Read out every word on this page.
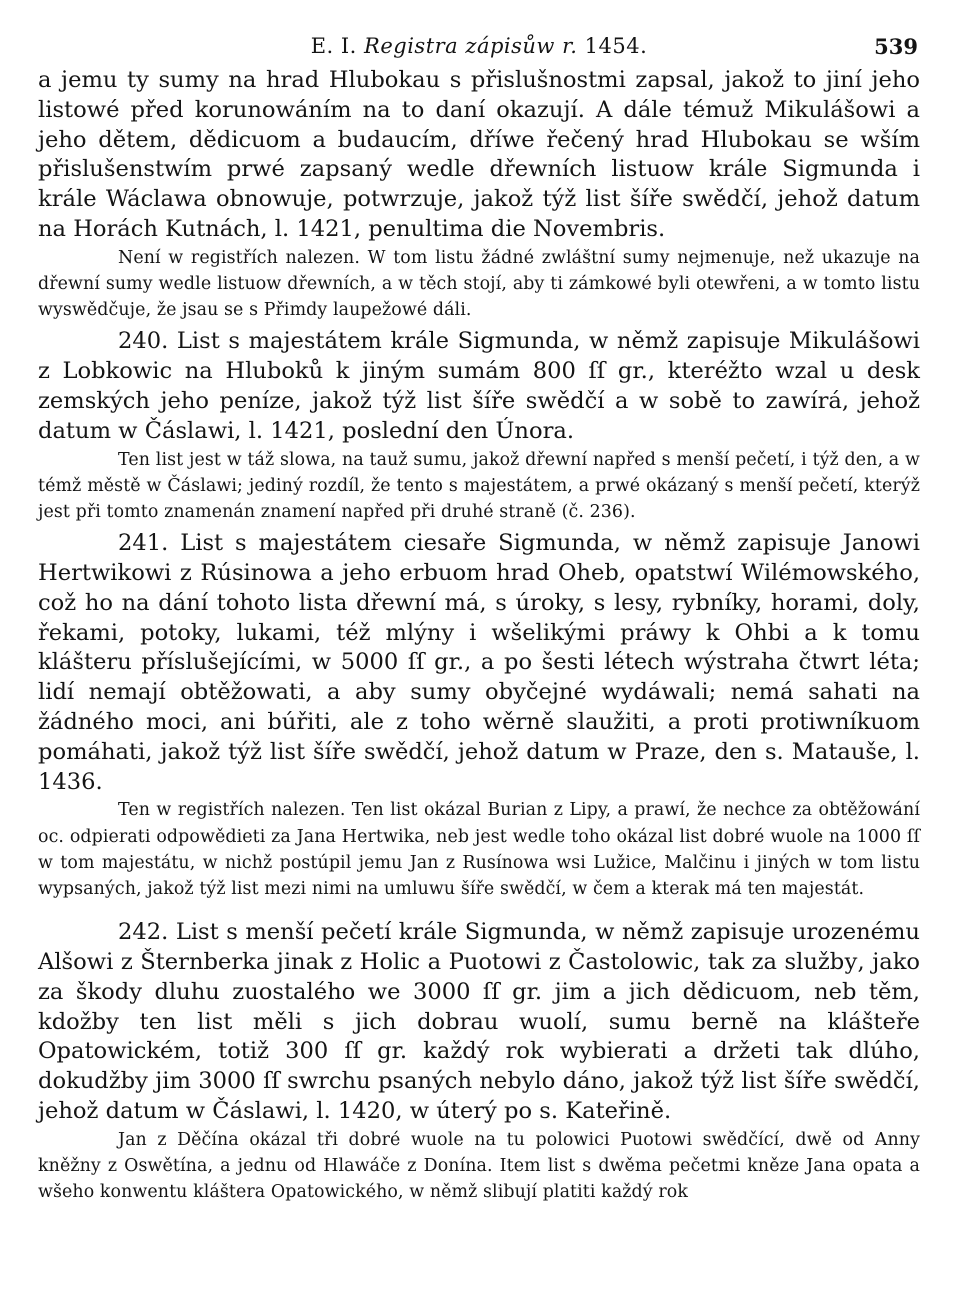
E. I. Registra zápisůw r. 1454.	539

a jemu ty sumy na hrad Hlubokau s přislušnostmi zapsal, jakož to jiní jeho listowé před korunowáním na to daní okazují. A dále témuž Mikulášowi a jeho dětem, dědicuom a budaucím, dříwe řečený hrad Hlubokau se wším přislušenstwím prwé zapsaný wedle dřewních listuow krále Sigmunda i krále Wáclawa obnowuje, potwrzuje, jakož týž list šíře swědčí, jehož datum na Horách Kutnách, l. 1421, penultima die Novembris.

Není w registřích nalezen. W tom listu žádné zwláštní sumy nejmenuje, než ukazuje na dřewní sumy wedle listuow dřewních, a w těch stojí, aby ti zámkowé byli otewřeni, a w tomto listu wyswědčuje, že jsau se s Přimdy laupežowé dáli.

240. List s majestátem krále Sigmunda, w němž zapisuje Mikulášowi z Lobkowic na Hluboků k jiným sumám 800 ſſ gr., kteréžto wzal u desk zemských jeho peníze, jakož týž list šíře swědčí a w sobě to zawírá, jehož datum w Čáslawi, l. 1421, poslední den Února.

Ten list jest w táž slowa, na tauž sumu, jakož dřewní napřed s menší pečetí, i týž den, a w témž městě w Čáslawi; jediný rozdíl, že tento s majestátem, a prwé okázaný s menší pečetí, kterýž jest při tomto znamenán znamení napřed při druhé straně (č. 236).

241. List s majestátem ciesaře Sigmunda, w němž zapisuje Janowi Hertwikowi z Rúsinowa a jeho erbuom hrad Oheb, opatstwí Wilémowského, což ho na dání tohoto lista dřewní má, s úroky, s lesy, rybníky, horami, doly, řekami, potoky, lukami, též mlýny i wšelikými práwy k Ohbi a k tomu klášteru příslušejícími, w 5000 ſſ gr., a po šesti létech wýstraha čtwrt léta; lidí nemají obtěžowati, a aby sumy obyčejné wydáwali; nemá sahati na žádného moci, ani búřiti, ale z toho wěrně slaužiti, a proti protiwníkuom pomáhati, jakož týž list šíře swědčí, jehož datum w Praze, den s. Matauše, l. 1436.

Ten w registřích nalezen. Ten list okázal Burian z Lipy, a prawí, že nechce za obtěžowání oc. odpierati odpowědieti za Jana Hertwika, neb jest wedle toho okázal list dobré wuole na 1000 ſſ w tom majestátu, w nichž postúpil jemu Jan z Rusínowa wsi Lužice, Malčinu i jiných w tom listu wypsaných, jakož týž list mezi nimi na umluwu šíře swědčí, w čem a kterak má ten majestát.

242. List s menší pečetí krále Sigmunda, w němž zapisuje urozenému Alšowi z Šternberka jinak z Holic a Puotowi z Častolowic, tak za službу, jako za škody dluhu zuostalého we 3000 ſſ gr. jim a jich dědicuom, neb těm, kdožby ten list měli s jich dobrau wuolí, sumu berně na klášteře Opatowickém, totiž 300 ſſ gr. každý rok wybierati a držeti tak dlúho, dokudžby jim 3000 ſſ swrchu psaných nebylo dáno, jakož týž list šíře swědčí, jehož datum w Čáslawi, l. 1420, w úterý po s. Kateřině.

Jan z Děčína okázal tři dobré wuole na tu polowici Puotowi swědčící, dwě od Anny kněžny z Oswětína, a jednu od Hlawáče z Donína. Item list s dwěma pečetmi kněze Jana opata a wšeho konwentu kláštera Opatowického, w němž slibují platiti každý rok
